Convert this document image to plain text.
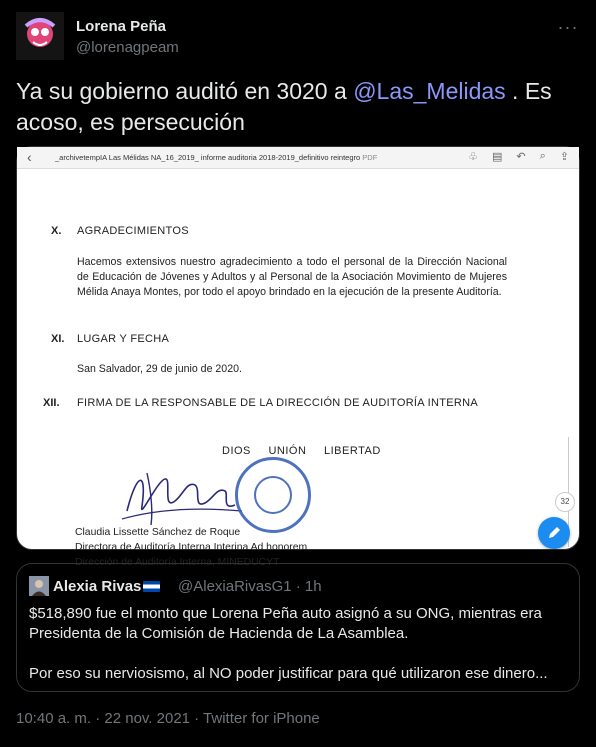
Lorena Peña
@lorenagpeam
···
Ya su gobierno auditó en 3020 a @Las_Melidas . Es acoso, es persecución
‹	_archivetempIA Las Mélidas NA_16_2019_ informe auditoria 2018-2019_definitivo reintegro PDF	♧ ▤ ↶ ⌕ ⇪
X. AGRADECIMIENTOS
Hacemos extensivos nuestro agradecimiento a todo el personal de la Dirección Nacional de Educación de Jóvenes y Adultos y al Personal de la Asociación Movimiento de Mujeres Mélida Anaya Montes, por todo el apoyo brindado en la ejecución de la presente Auditoría.
XI. LUGAR Y FECHA
San Salvador, 29 de junio de 2020.
XII. FIRMA DE LA RESPONSABLE DE LA DIRECCIÓN DE AUDITORÍA INTERNA
DIOS UNIÓN LIBERTAD
Claudia Lissette Sánchez de Roque
Directora de Auditoría Interna Interina Ad honorem
Dirección de Auditoría Interna, MINEDUCYT
32
Alexia Rivas	@AlexiaRivasG1 · 1h
$518,890 fue el monto que Lorena Peña auto asignó a su ONG, mientras era Presidenta de la Comisión de Hacienda de La Asamblea.
Por eso su nerviosismo, al NO poder justificar para qué utilizaron ese dinero...
10:40 a. m. · 22 nov. 2021 · Twitter for iPhone
